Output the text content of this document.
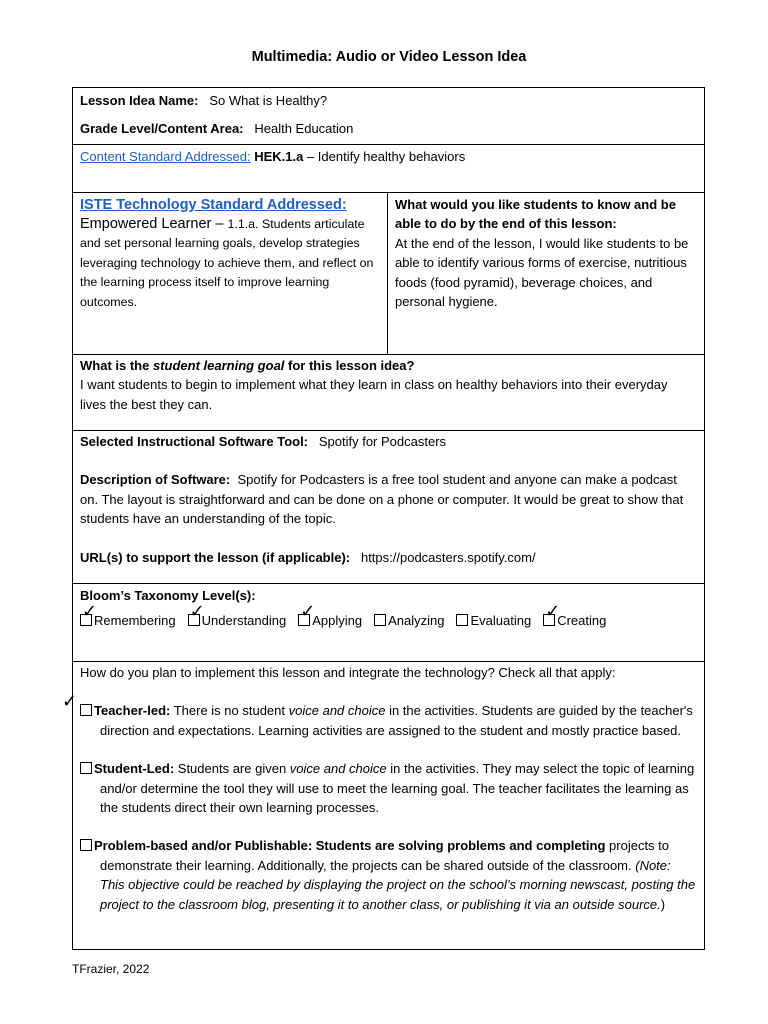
Multimedia: Audio or Video Lesson Idea
Lesson Idea Name: So What is Healthy?
Grade Level/Content Area: Health Education
Content Standard Addressed: HEK.1.a – Identify healthy behaviors
ISTE Technology Standard Addressed:
Empowered Learner – 1.1.a. Students articulate and set personal learning goals, develop strategies leveraging technology to achieve them, and reflect on the learning process itself to improve learning outcomes.
What would you like students to know and be able to do by the end of this lesson:
At the end of the lesson, I would like students to be able to identify various forms of exercise, nutritious foods (food pyramid), beverage choices, and personal hygiene.
What is the student learning goal for this lesson idea?
I want students to begin to implement what they learn in class on healthy behaviors into their everyday lives the best they can.
Selected Instructional Software Tool: Spotify for Podcasters
Description of Software: Spotify for Podcasters is a free tool student and anyone can make a podcast on. The layout is straightforward and can be done on a phone or computer. It would be great to show that students have an understanding of the topic.
URL(s) to support the lesson (if applicable): https://podcasters.spotify.com/
Bloom’s Taxonomy Level(s):
✓
Remembering ✓
Understanding ✓
Applying	Analyzing	Evaluating ✓
Creating
How do you plan to implement this lesson and integrate the technology? Check all that apply:
✓	Teacher-led: There is no student voice and choice in the activities. Students are guided by the teacher's direction and expectations. Learning activities are assigned to the student and mostly practice based.
Student-Led: Students are given voice and choice in the activities. They may select the topic of learning and/or determine the tool they will use to meet the learning goal. The teacher facilitates the learning as the students direct their own learning processes.
Problem-based and/or Publishable: Students are solving problems and completing projects to demonstrate their learning. Additionally, the projects can be shared outside of the classroom. (Note: This objective could be reached by displaying the project on the school’s morning newscast, posting the project to the classroom blog, presenting it to another class, or publishing it via an outside source.)
TFrazier, 2022
